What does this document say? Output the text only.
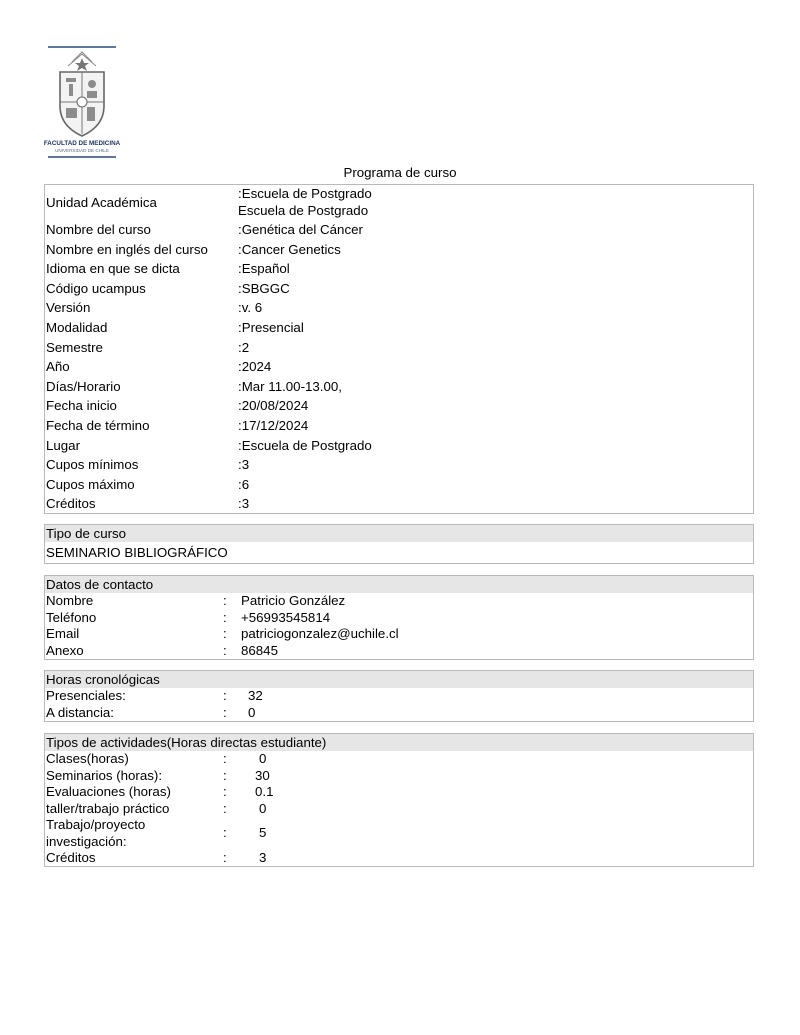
FACULTAD DE MEDICINA
UNIVERSIDAD DE CHILE
Programa de curso
Unidad Académica
:Escuela de Postgrado
Escuela de Postgrado
Nombre del curso	:Genética del Cáncer
Nombre en inglés del curso :Cancer Genetics
Idioma en que se dicta	:Español
Código ucampus	:SBGGC
Versión	:v. 6
Modalidad	:Presencial
Semestre	:2
Año	:2024
Días/Horario	:Mar 11.00-13.00,
Fecha inicio	:20/08/2024
Fecha de término	:17/12/2024
Lugar	:Escuela de Postgrado
Cupos mínimos	:3
Cupos máximo	:6
Créditos	:3
Tipo de curso
SEMINARIO BIBLIOGRÁFICO
Datos de contacto
Nombre	: Patricio González
Teléfono	: +56993545814
Email	: patriciogonzalez@uchile.cl
Anexo	: 86845
Horas cronológicas
Presenciales:	: 32
A distancia:	: 0
Tipos de actividades(Horas directas estudiante)
Clases(horas)	: 0
Seminarios (horas):	: 30
Evaluaciones (horas)	: 0.1
taller/trabajo práctico	: 0
Trabajo/proyecto investigación:
: 5
Créditos	: 3
